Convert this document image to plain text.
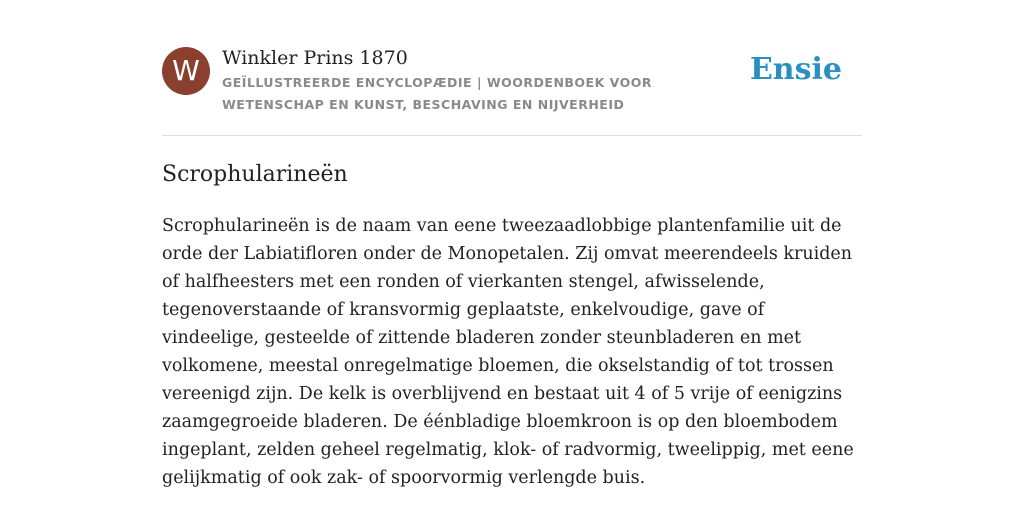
W	Winkler Prins 1870
GEÏLLUSTREERDE ENCYCLOPÆDIE | WOORDENBOEK VOOR WETENSCHAP EN KUNST, BESCHAVING EN NIJVERHEID
Ensie
Scrophularineën

Scrophularineën is de naam van eene tweezaadlobbige plantenfamilie uit de orde der Labiatifloren onder de Monopetalen. Zij omvat meerendeels kruiden of halfheesters met een ronden of vierkanten stengel, afwisselende, tegenoverstaande of kransvormig geplaatste, enkelvoudige, gave of vindeelige, gesteelde of zittende bladeren zonder steunbladeren en met volkomene, meestal onregelmatige bloemen, die okselstandig of tot trossen vereenigd zijn. De kelk is overblijvend en bestaat uit 4 of 5 vrije of eenigzins zaamgegroeide bladeren. De éénbladige bloemkroon is op den bloembodem ingeplant, zelden geheel regelmatig, klok- of radvormig, tweelippig, met eene gelijkmatig of ook zak- of spoorvormig verlengde buis.
